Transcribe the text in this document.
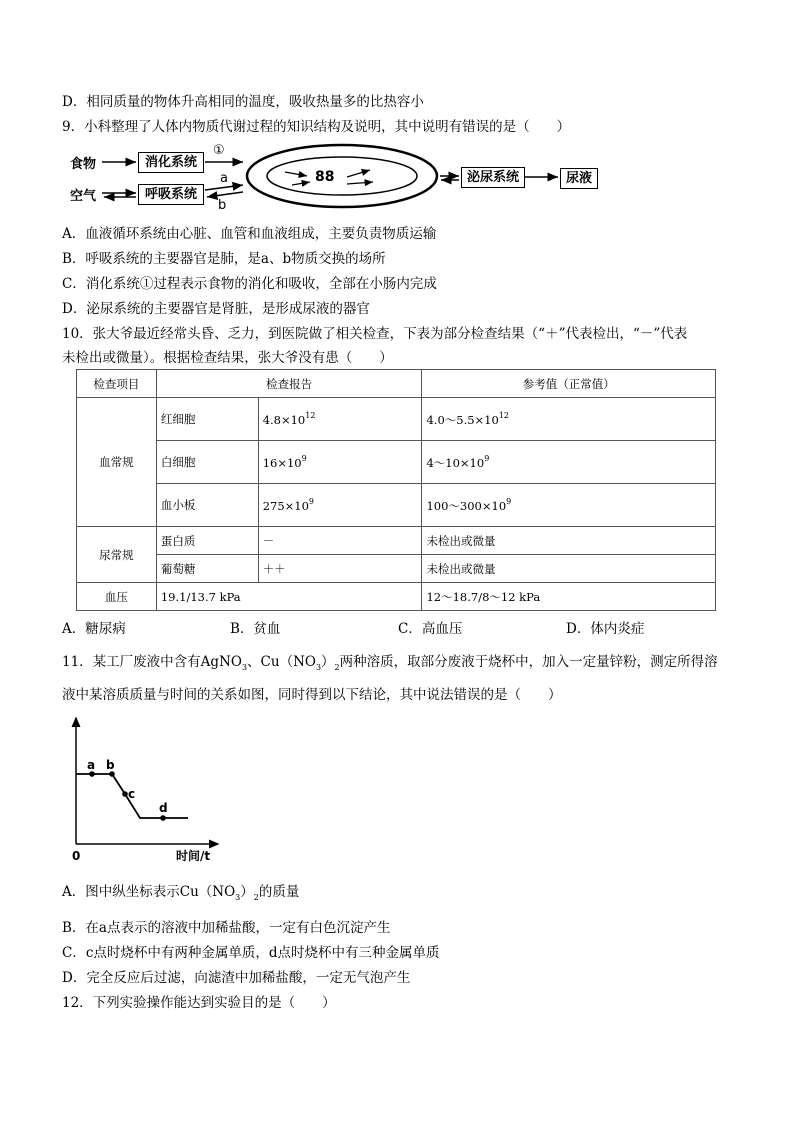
D．相同质量的物体升高相同的温度，吸收热量多的比热容小
9．小科整理了人体内物质代谢过程的知识结构及说明，其中说明有错误的是（　　）
食物
空气
消化系统
呼吸系统
①
a
b
88	泌尿系统	尿液
A．血液循环系统由心脏、血管和血液组成，主要负责物质运输
B．呼吸系统的主要器官是肺，是a、b物质交换的场所
C．消化系统①过程表示食物的消化和吸收，全部在小肠内完成
D．泌尿系统的主要器官是肾脏，是形成尿液的器官
10．张大爷最近经常头昏、乏力，到医院做了相关检查，下表为部分检查结果（“＋”代表检出，“－”代表
未检出或微量）。根据检查结果，张大爷没有患（　　）
检查项目	检查报告		参考值（正常值）
血常规	红细胞	$4.8\times 10^{12}$	$4.0\sim 5.5\times 10^{12}$
	白细胞	$16\times 10^9$	$4\sim 10\times 10^9$
	血小板	$275\times 10^9$	$100\sim 300\times 10^9$
尿常规	蛋白质	－	未检出或微量
	葡萄糖	＋＋	未检出或微量
血压	19.1/13.7 kPa		12～18.7/8～12 kPa
A．糖尿病	B．贫血	C．高血压	D．体内炎症
11．某工厂废液中含有AgNO$_3$、$Cu(NO_3)_2$两种溶质，取部分废液于烧杯中，加入一定量锌粉，测定所得溶
液中某溶质质量与时间的关系如图，同时得到以下结论，其中说法错误的是（　　）
a b
c
d
0	时间/t
A．图中纵坐标表示$Cu(NO_3)_2$的质量
B．在a点表示的溶液中加稀盐酸，一定有白色沉淀产生
C．c点时烧杯中有两种金属单质，d点时烧杯中有三种金属单质
D．完全反应后过滤，向滤渣中加稀盐酸，一定无气泡产生
12．下列实验操作能达到实验目的是（　　）
